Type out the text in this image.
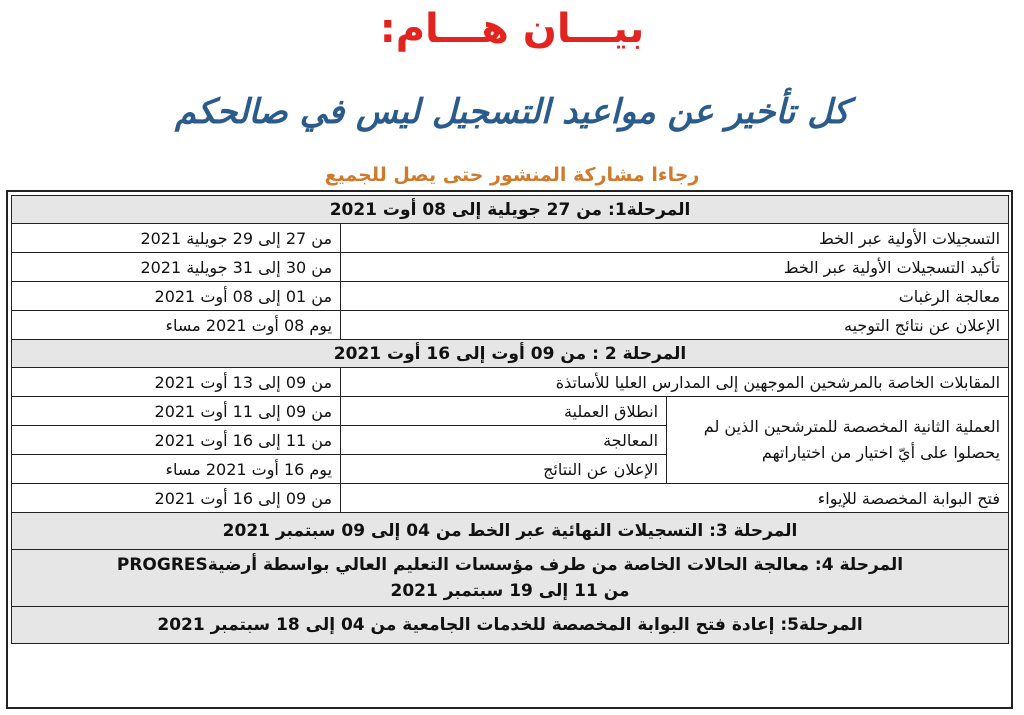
بيـــان هـــام:
كل تأخير عن مواعيد التسجيل ليس في صالحكم
رجاءا مشاركة المنشور حتى يصل للجميع
المرحلة1: من 27 جويلية إلى 08 أوت 2021		
التسجيلات الأولية عبر الخط		من 27 إلى 29 جويلية 2021
تأكيد التسجيلات الأولية عبر الخط		من 30 إلى 31 جويلية 2021
معالجة الرغبات		من 01 إلى 08 أوت 2021
الإعلان عن نتائج التوجيه		يوم 08 أوت 2021 مساء
المرحلة 2 : من 09 أوت إلى 16 أوت 2021		
المقابلات الخاصة بالمرشحين الموجهين إلى المدارس العليا للأساتذة		من 09 إلى 13 أوت 2021
العملية الثانية المخصصة للمترشحين الذين لم يحصلوا على أيّ اختيار من اختياراتهم	انطلاق العملية	من 09 إلى 11 أوت 2021
	المعالجة	من 11 إلى 16 أوت 2021
	الإعلان عن النتائج	يوم 16 أوت 2021 مساء
فتح البوابة المخصصة للإيواء		من 09 إلى 16 أوت 2021
المرحلة 3: التسجيلات النهائية عبر الخط من 04 إلى 09 سبتمبر 2021		

المرحلة 4: معالجة الحالات الخاصة من طرف مؤسسات التعليم العالي بواسطة أرضيةPROGRES
من 11 إلى 19 سبتمبر 2021		

المرحلة5: إعادة فتح البوابة المخصصة للخدمات الجامعية من 04 إلى 18 سبتمبر 2021		
